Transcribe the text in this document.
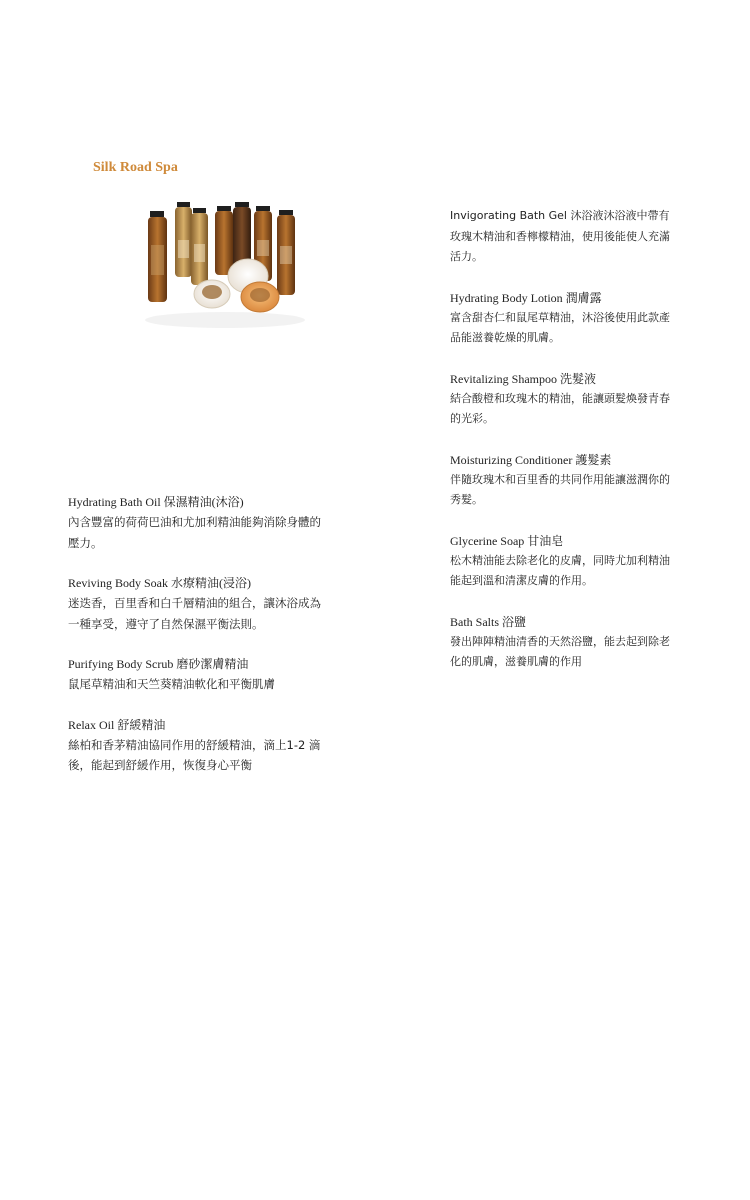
Silk Road Spa
Hydrating Bath Oil 保濕精油(沐浴)
內含豐富的荷荷巴油和尤加利精油能夠消除身體的壓力。
Reviving Body Soak 水療精油(浸浴)
迷迭香，百里香和白千層精油的組合，讓沐浴成為一種享受，遵守了自然保濕平衡法則。
Purifying Body Scrub 磨砂潔膚精油
鼠尾草精油和天竺葵精油軟化和平衡肌膚
Relax Oil 舒緩精油
絲柏和香茅精油協同作用的舒緩精油，滴上1-2 滴後，能起到舒緩作用，恢復身心平衡
Invigorating Bath Gel 沐浴液沐浴液中帶有玫瑰木精油和香檸檬精油，使用後能使人充滿活力。
Hydrating Body Lotion 潤膚露
富含甜杏仁和鼠尾草精油，沐浴後使用此款產品能滋養乾燥的肌膚。
Revitalizing Shampoo 洗髮液
結合酸橙和玫瑰木的精油，能讓頭髮煥發青春的光彩。
Moisturizing Conditioner 護髮素
伴隨玫瑰木和百里香的共同作用能讓滋潤你的秀髮。
Glycerine Soap 甘油皂
松木精油能去除老化的皮膚，同時尤加利精油能起到溫和清潔皮膚的作用。
Bath Salts 浴鹽
發出陣陣精油清香的天然浴鹽，能去起到除老化的肌膚，滋養肌膚的作用
